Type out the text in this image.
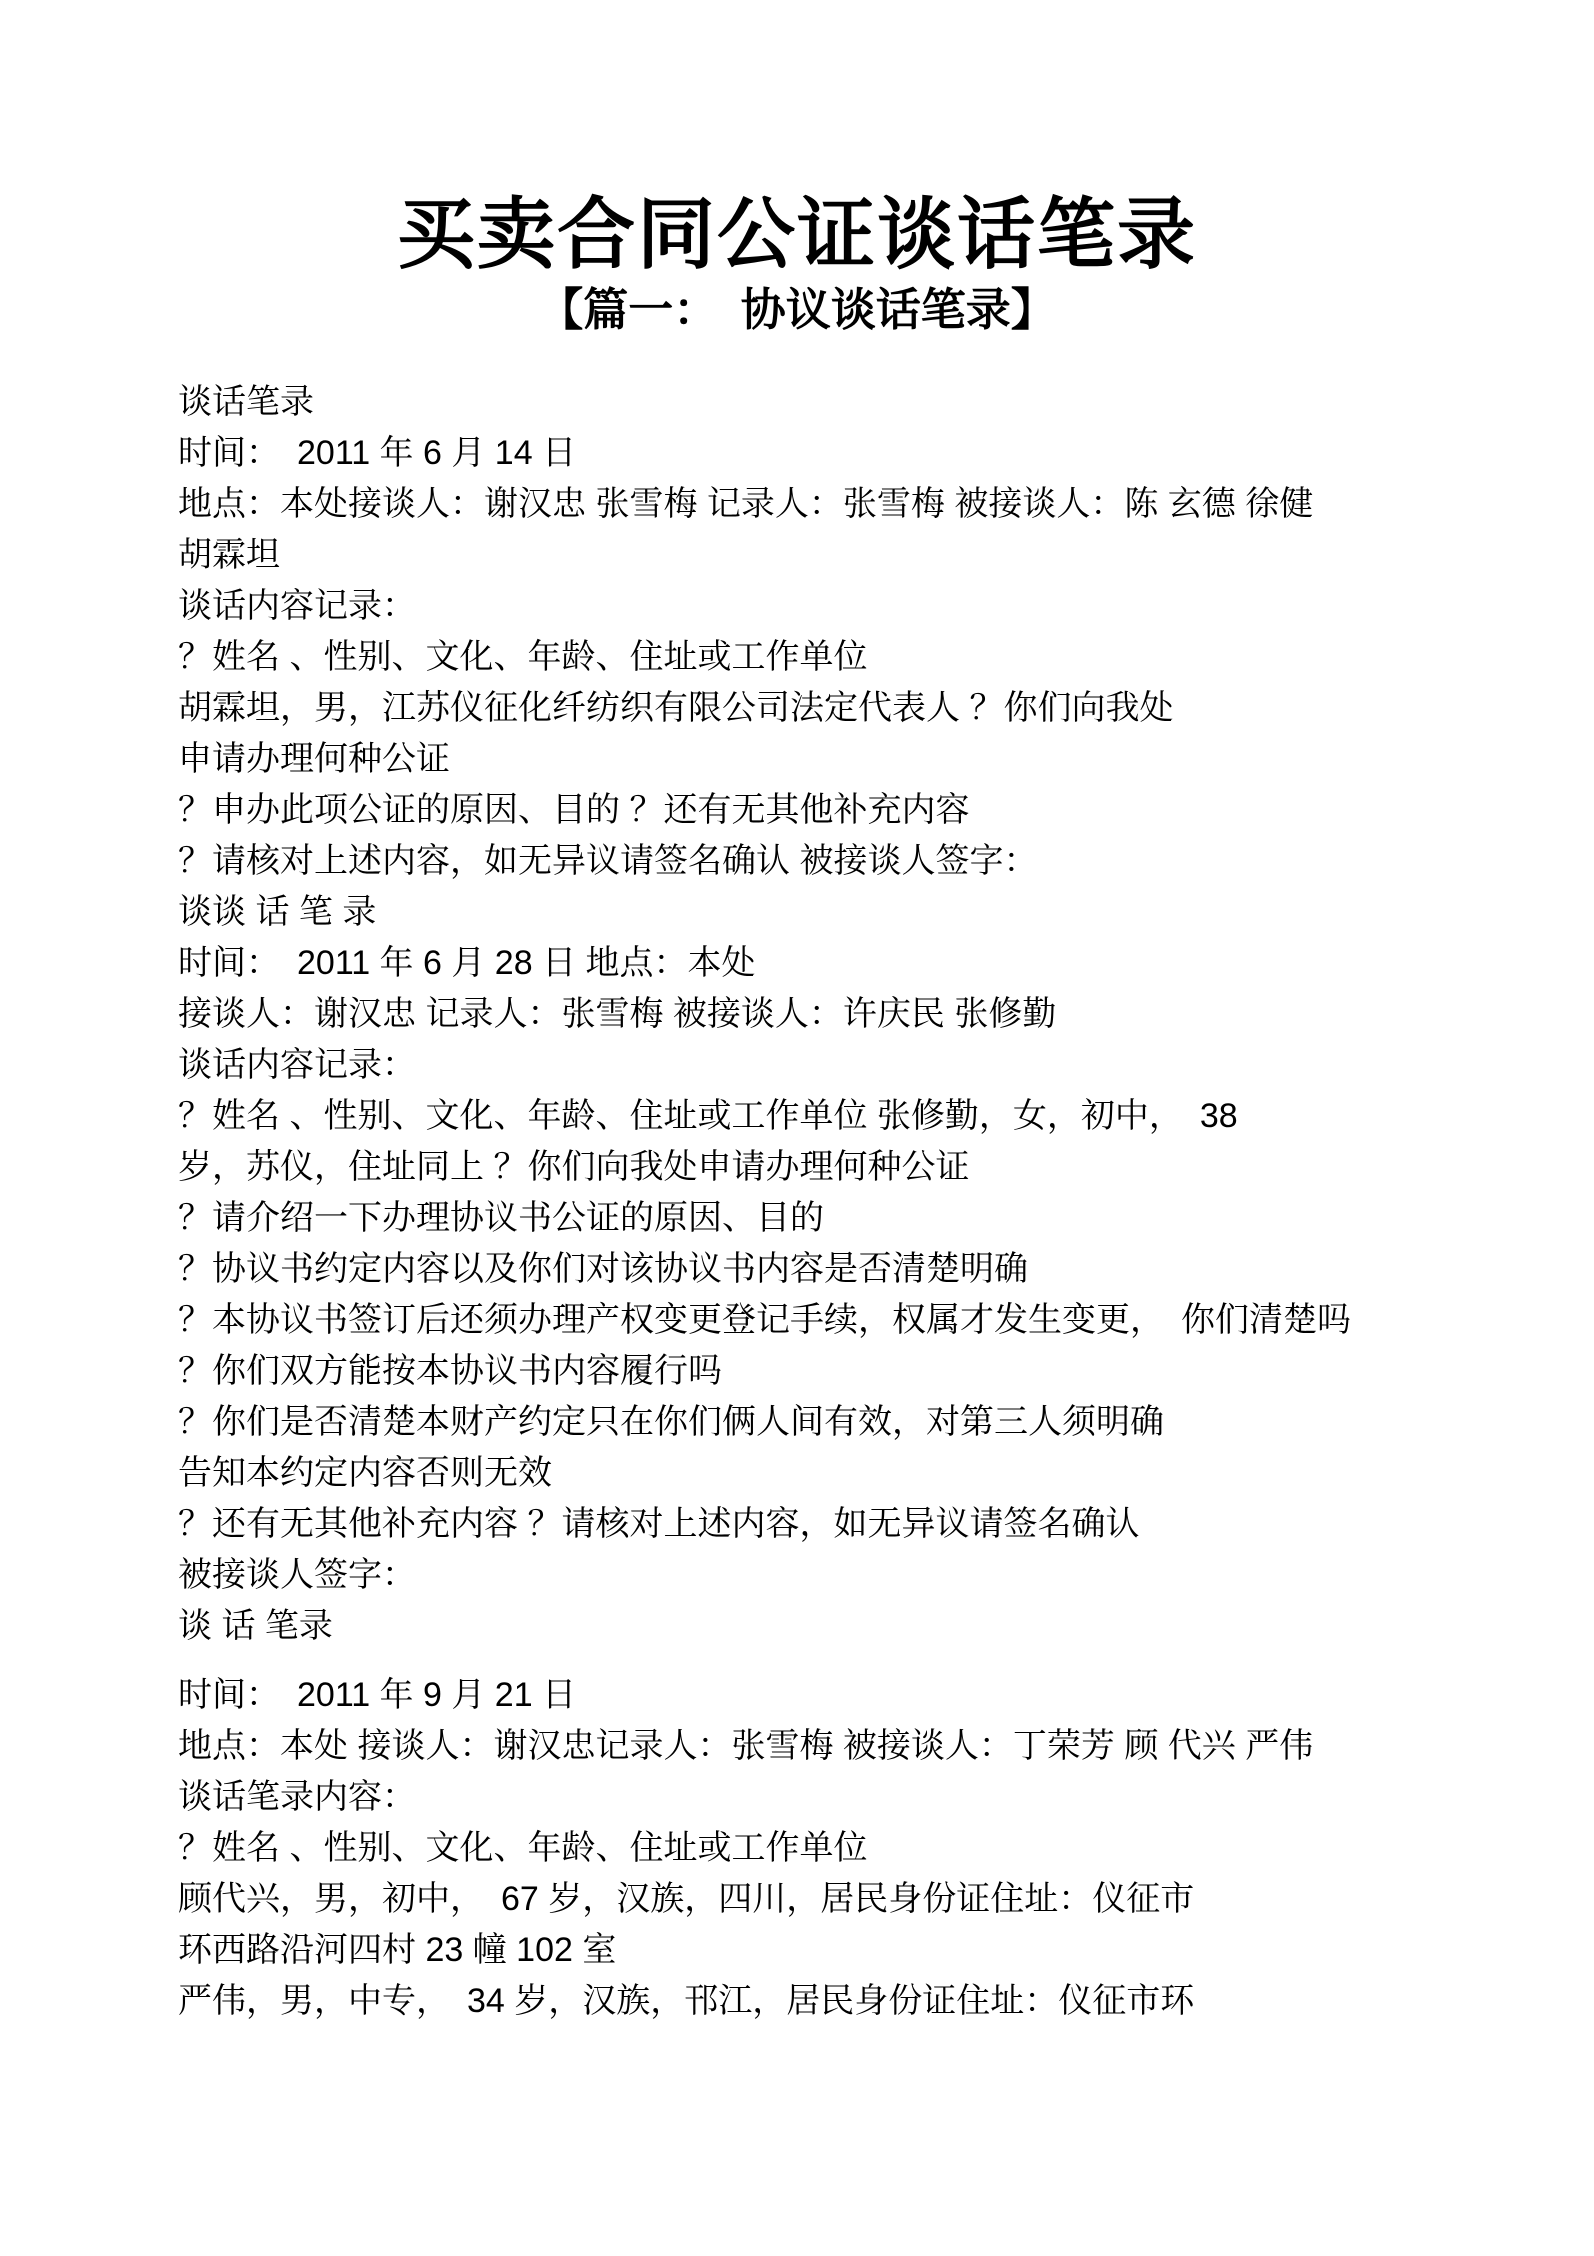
买卖合同公证谈话笔录
【篇一：　协议谈话笔录】
谈话笔录
时间：　2011 年 6 月 14 日
地点：本处接谈人：谢汉忠 张雪梅 记录人：张雪梅 被接谈人：陈 玄德 徐健
胡霖坦
谈话内容记录：
？姓名 、性别、文化、年龄、住址或工作单位
胡霖坦，男，江苏仪征化纤纺织有限公司法定代表人 ？你们向我处
申请办理何种公证
？申办此项公证的原因、目的 ？还有无其他补充内容
？请核对上述内容，如无异议请签名确认 被接谈人签字：
谈谈 话 笔 录
时间：　2011 年 6 月 28 日 地点：本处
接谈人：谢汉忠 记录人：张雪梅 被接谈人：许庆民 张修勤
谈话内容记录：
？姓名 、性别、文化、年龄、住址或工作单位 张修勤，女，初中，　38
岁，苏仪，住址同上 ？你们向我处申请办理何种公证
？请介绍一下办理协议书公证的原因、目的
？协议书约定内容以及你们对该协议书内容是否清楚明确
？本协议书签订后还须办理产权变更登记手续，权属才发生变更，　你们清楚吗
？你们双方能按本协议书内容履行吗
？你们是否清楚本财产约定只在你们俩人间有效，对第三人须明确
告知本约定内容否则无效
？还有无其他补充内容 ？请核对上述内容，如无异议请签名确认
被接谈人签字：
谈 话 笔录
时间：　2011 年 9 月 21 日
地点：本处 接谈人：谢汉忠记录人：张雪梅 被接谈人：丁荣芳 顾 代兴 严伟
谈话笔录内容：
？姓名 、性别、文化、年龄、住址或工作单位
顾代兴，男，初中，　67 岁，汉族，四川，居民身份证住址：仪征市
环西路沿河四村 23 幢 102 室
严伟，男，中专，　34 岁，汉族，邗江，居民身份证住址：仪征市环
